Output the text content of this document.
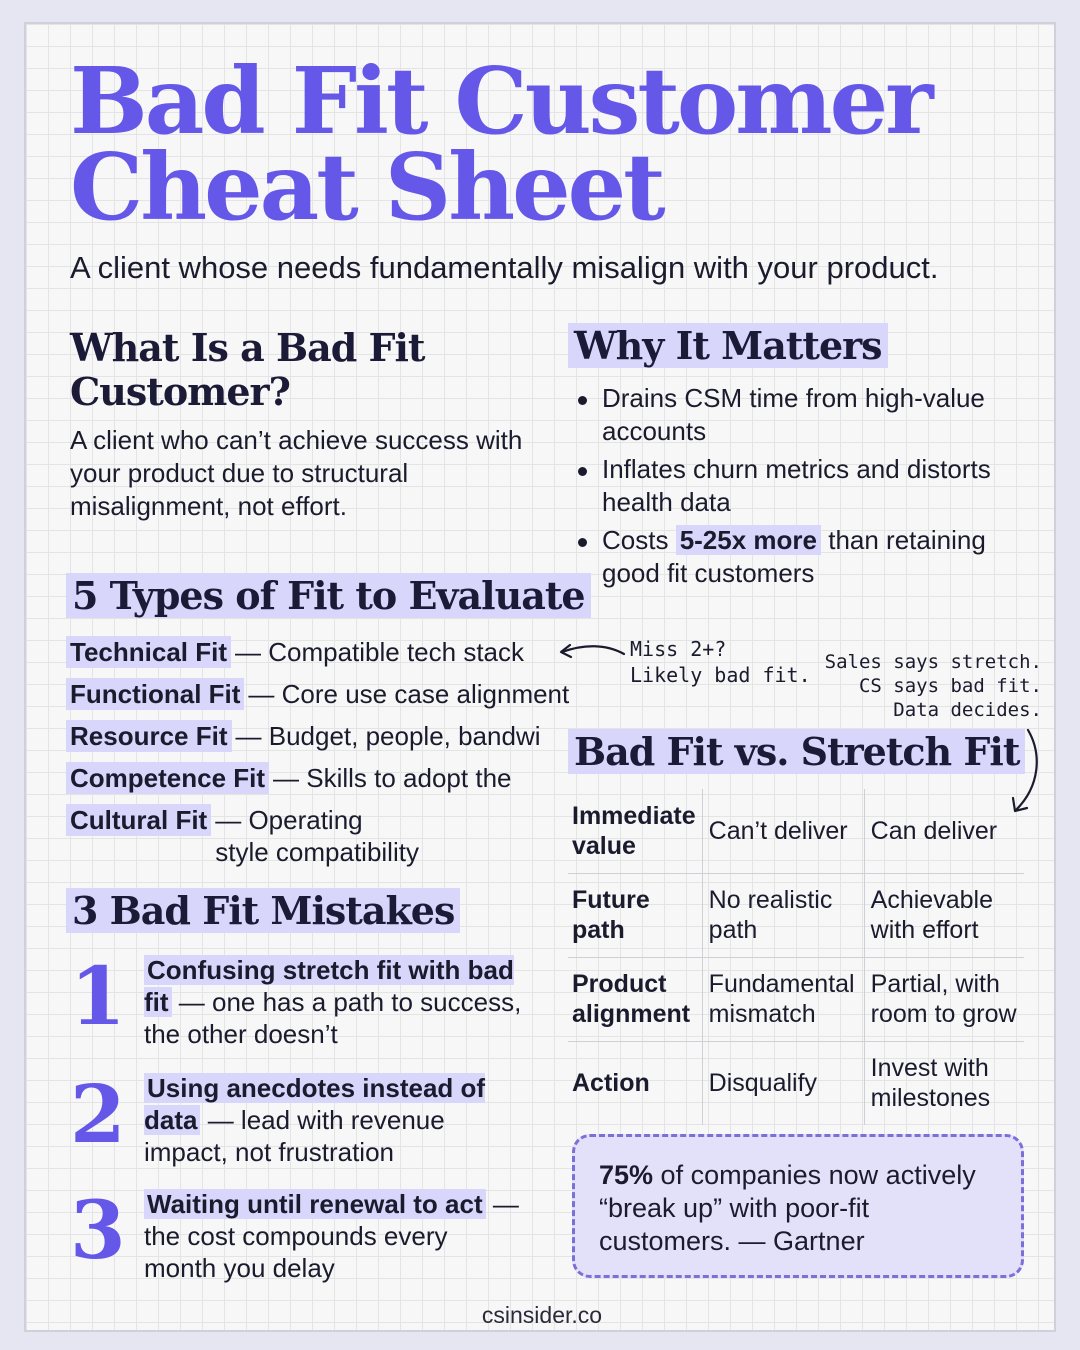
Bad Fit Customer
Cheat Sheet
A client whose needs fundamentally misalign with your product.
What Is a Bad Fit Customer?
A client who can’t achieve success with your product due to structural misalignment, not effort.
Why It Matters
Drains CSM time from high-value accounts
Inflates churn metrics and distorts health data
Costs 5-25x more than retaining good fit customers
5 Types of Fit to Evaluate
Technical Fit — Compatible tech stack
Functional Fit — Core use case alignment
Resource Fit — Budget, people, bandwi
Competence Fit — Skills to adopt the
Cultural Fit — Operating style compatibility
Miss 2+?
Likely bad fit.
Sales says stretch.
CS says bad fit.
Data decides.
3 Bad Fit Mistakes
1 Confusing stretch fit with bad fit — one has a path to success, the other doesn’t
2 Using anecdotes instead of data — lead with revenue impact, not frustration
3 Waiting until renewal to act — the cost compounds every month you delay
Bad Fit vs. Stretch Fit
Immediate value	Can’t deliver	Can deliver
Future path	No realistic path	Achievable with effort
Product alignment	Fundamental mismatch	Partial, with room to grow
Action	Disqualify	Invest with milestones
75% of companies now actively “break up” with poor-fit customers. — Gartner
csinsider.co
